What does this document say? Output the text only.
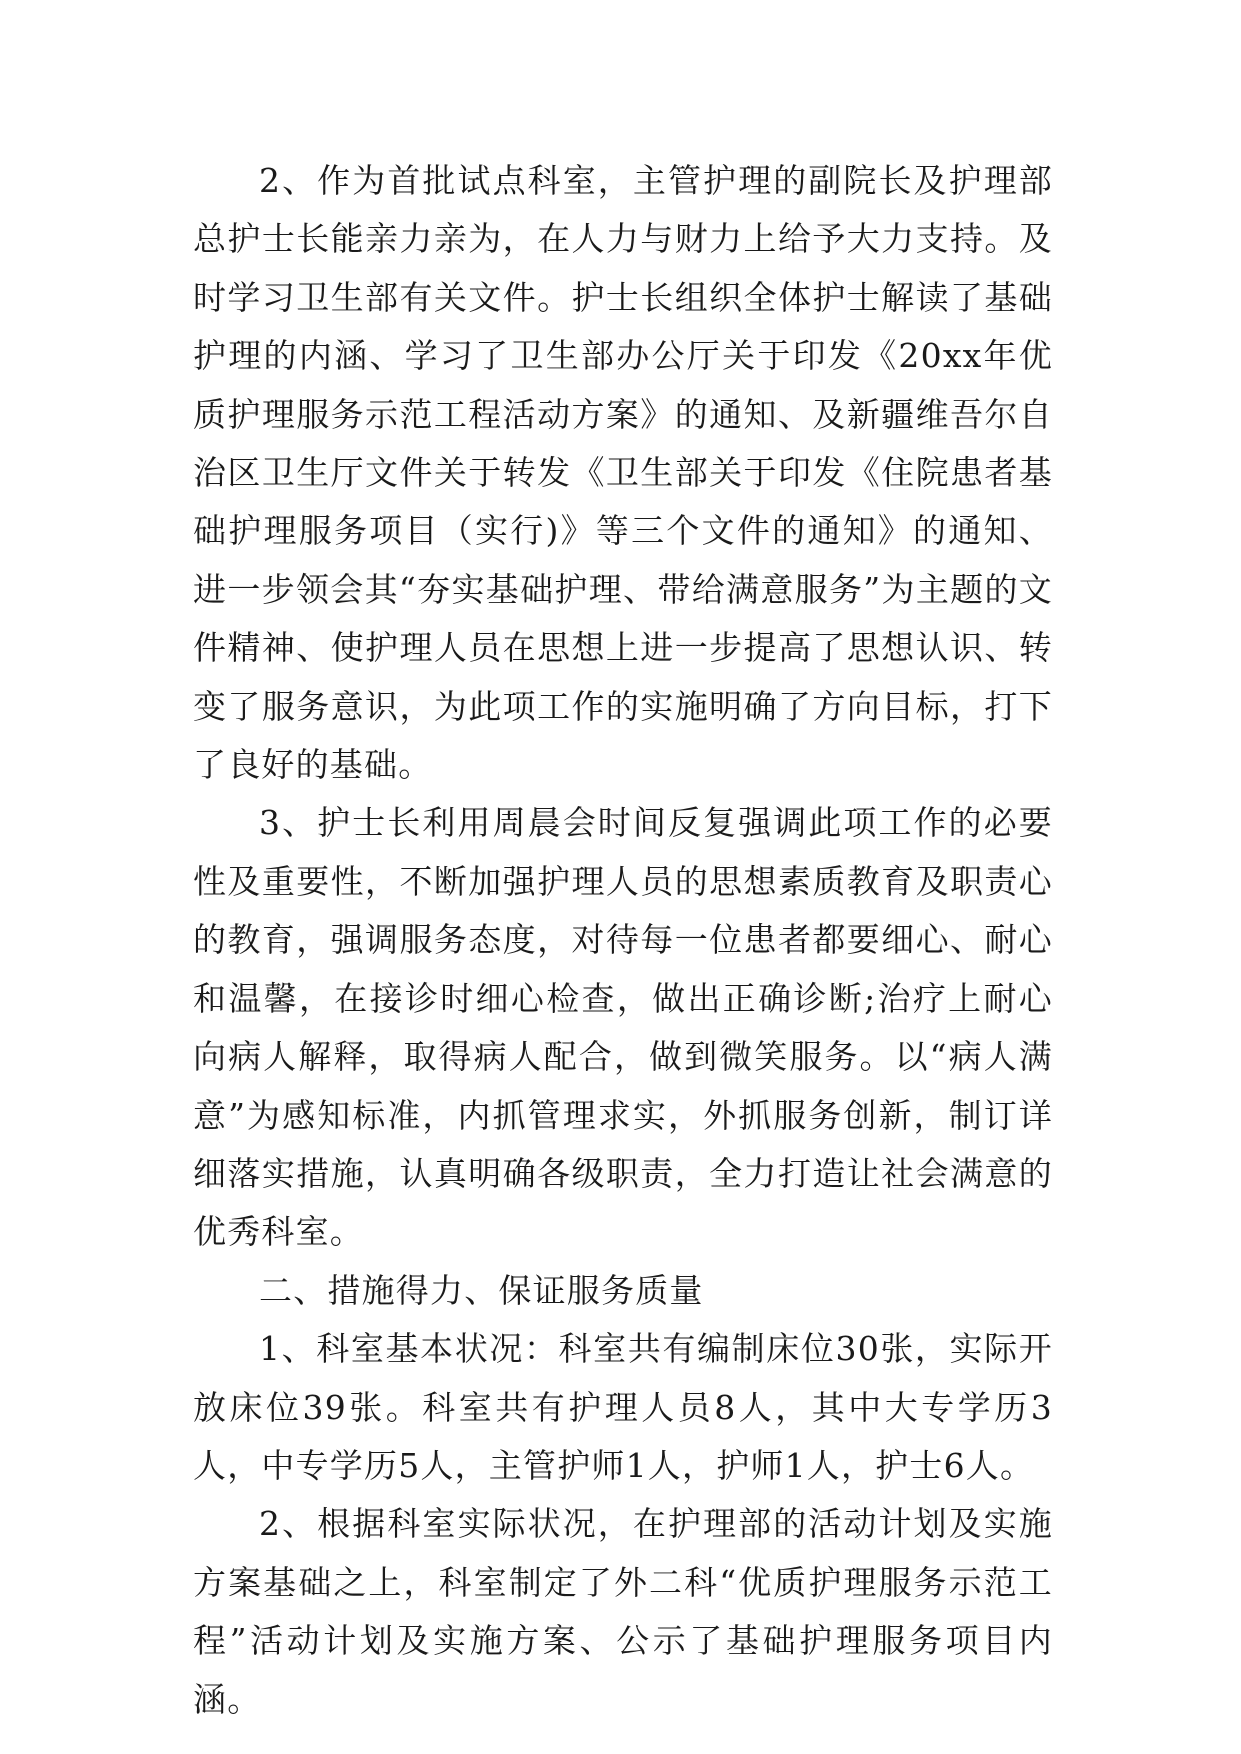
2、作为首批试点科室，主管护理的副院长及护理部总护士长能亲力亲为，在人力与财力上给予大力支持。及时学习卫生部有关文件。护士长组织全体护士解读了基础护理的内涵、学习了卫生部办公厅关于印发《20xx年优质护理服务示范工程活动方案》的通知、及新疆维吾尔自治区卫生厅文件关于转发《卫生部关于印发《住院患者基础护理服务项目（实行)》等三个文件的通知》的通知、进一步领会其“夯实基础护理、带给满意服务”为主题的文件精神、使护理人员在思想上进一步提高了思想认识、转变了服务意识，为此项工作的实施明确了方向目标，打下了良好的基础。

3、护士长利用周晨会时间反复强调此项工作的必要性及重要性，不断加强护理人员的思想素质教育及职责心的教育，强调服务态度，对待每一位患者都要细心、耐心和温馨，在接诊时细心检查，做出正确诊断;治疗上耐心向病人解释，取得病人配合，做到微笑服务。以“病人满意”为感知标准，内抓管理求实，外抓服务创新，制订详细落实措施，认真明确各级职责，全力打造让社会满意的优秀科室。

二、措施得力、保证服务质量

1、科室基本状况：科室共有编制床位30张，实际开放床位39张。科室共有护理人员8人，其中大专学历3人，中专学历5人，主管护师1人，护师1人，护士6人。

2、根据科室实际状况，在护理部的活动计划及实施方案基础之上，科室制定了外二科“优质护理服务示范工程”活动计划及实施方案、公示了基础护理服务项目内涵。
